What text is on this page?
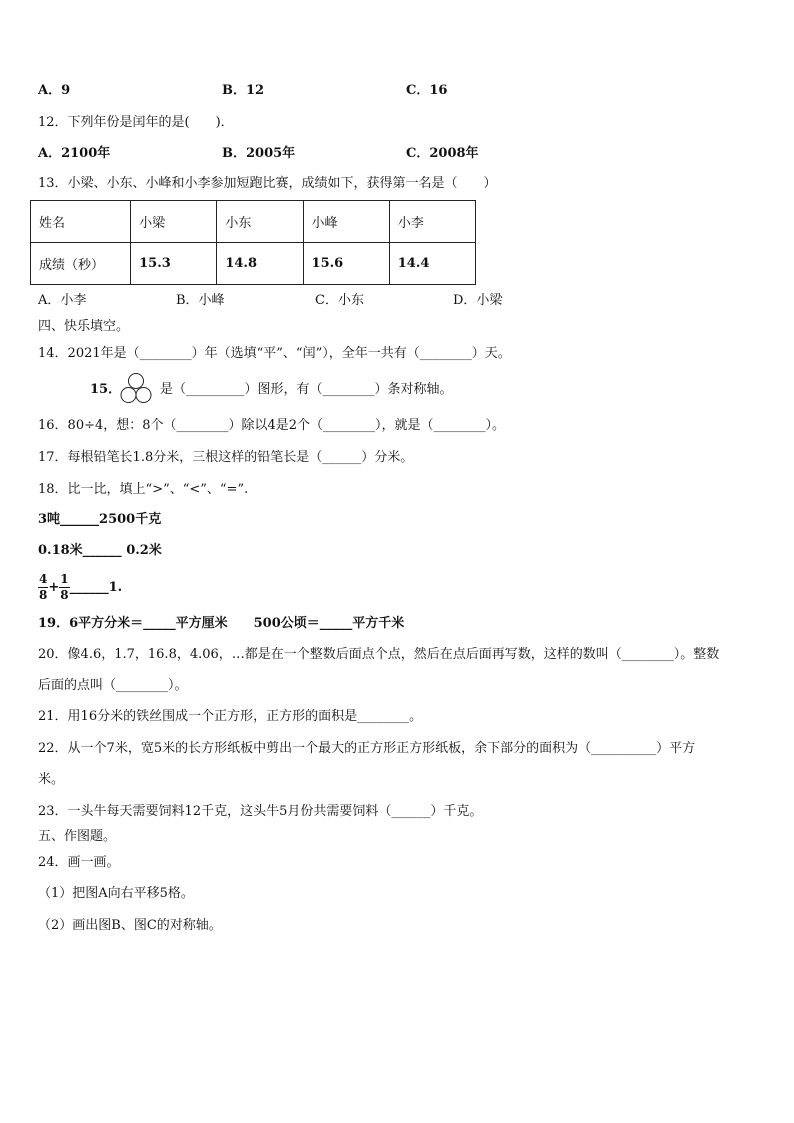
A．9	B．12	C．16
12．下列年份是闰年的是(　　)．
A．2100年	B．2005年	C．2008年
13．小梁、小东、小峰和小李参加短跑比赛，成绩如下，获得第一名是（　　）
姓名	小梁	小东	小峰	小李
成绩（秒）	15.3	14.8	15.6	14.4
A．小李	B．小峰	C．小东	D．小梁
四、快乐填空。
14．2021年是（________）年（选填“平”、“闰”），全年一共有（________）天。
15．	是（_________）图形，有（________）条对称轴。
16．80÷4，想：8个（________）除以4是2个（________），就是（________）。
17．每根铅笔长1.8分米，三根这样的铅笔长是（______）分米。
18．比一比，填上“>”、“<”、“=”.
3吨______2500千克
0.18米______ 0.2米
$\frac{4}{8} + \frac{1}{8}$ ______1.
19．6平方分米＝_____平方厘米　　500公顷＝_____平方千米
20．像4.6，1.7，16.8，4.06，…都是在一个整数后面点个点，然后在点后面再写数，这样的数叫（________）。整数
后面的点叫（________）。
21．用16分米的铁丝围成一个正方形，正方形的面积是________。
22．从一个7米，宽5米的长方形纸板中剪出一个最大的正方形正方形纸板，余下部分的面积为（__________）平方
米。
23．一头牛每天需要饲料12千克，这头牛5月份共需要饲料（______）千克。
五、作图题。
24．画一画。
（1）把图A向右平移5格。
（2）画出图B、图C的对称轴。
